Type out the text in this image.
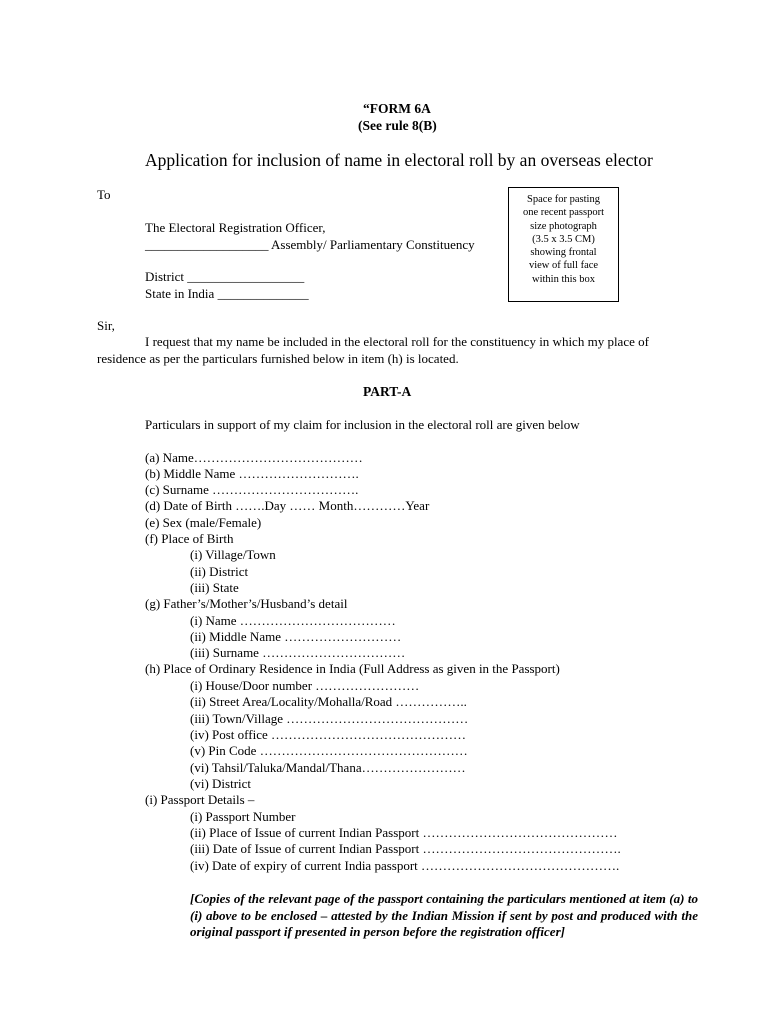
“FORM 6A
(See rule 8(B)
Application for inclusion of name in electoral roll by an overseas elector
To
The Electoral Registration Officer,
___________________ Assembly/ Parliamentary Constituency
District __________________
State in India ______________
Space for pasting
one recent passport
size photograph
(3.5 x 3.5 CM)
showing frontal
view of full face
within this box
Sir,
I request that my name be included in the electoral roll for the constituency in which my place of
residence as per the particulars furnished below in item (h) is located.
PART-A
Particulars in support of my claim for inclusion in the electoral roll are given below
(a) Name…………………………………
(b) Middle Name ……………………….
(c) Surname …………………………….
(d) Date of Birth …….Day …… Month…………Year
(e) Sex (male/Female)
(f) Place of Birth
(i) Village/Town
(ii) District
(iii) State
(g) Father’s/Mother’s/Husband’s detail
(i) Name ………………………………
(ii) Middle Name ………………………
(iii) Surname ……………………………
(h) Place of Ordinary Residence in India (Full Address as given in the Passport)
(i) House/Door number ……………………
(ii) Street Area/Locality/Mohalla/Road ……………..
(iii) Town/Village ……………………………………
(iv) Post office ………………………………………
(v) Pin Code …………………………………………
(vi) Tahsil/Taluka/Mandal/Thana……………………
(vi) District
(i) Passport Details –
(i) Passport Number
(ii) Place of Issue of current Indian Passport ………………………………………
(iii) Date of Issue of current Indian Passport ……………………………………….
(iv) Date of expiry of current India passport ……………………………………….
[Copies of the relevant page of the passport containing the particulars mentioned at item (a) to (i) above to be enclosed – attested by the Indian Mission if sent by post and produced with the original passport if presented in person before the registration officer]
